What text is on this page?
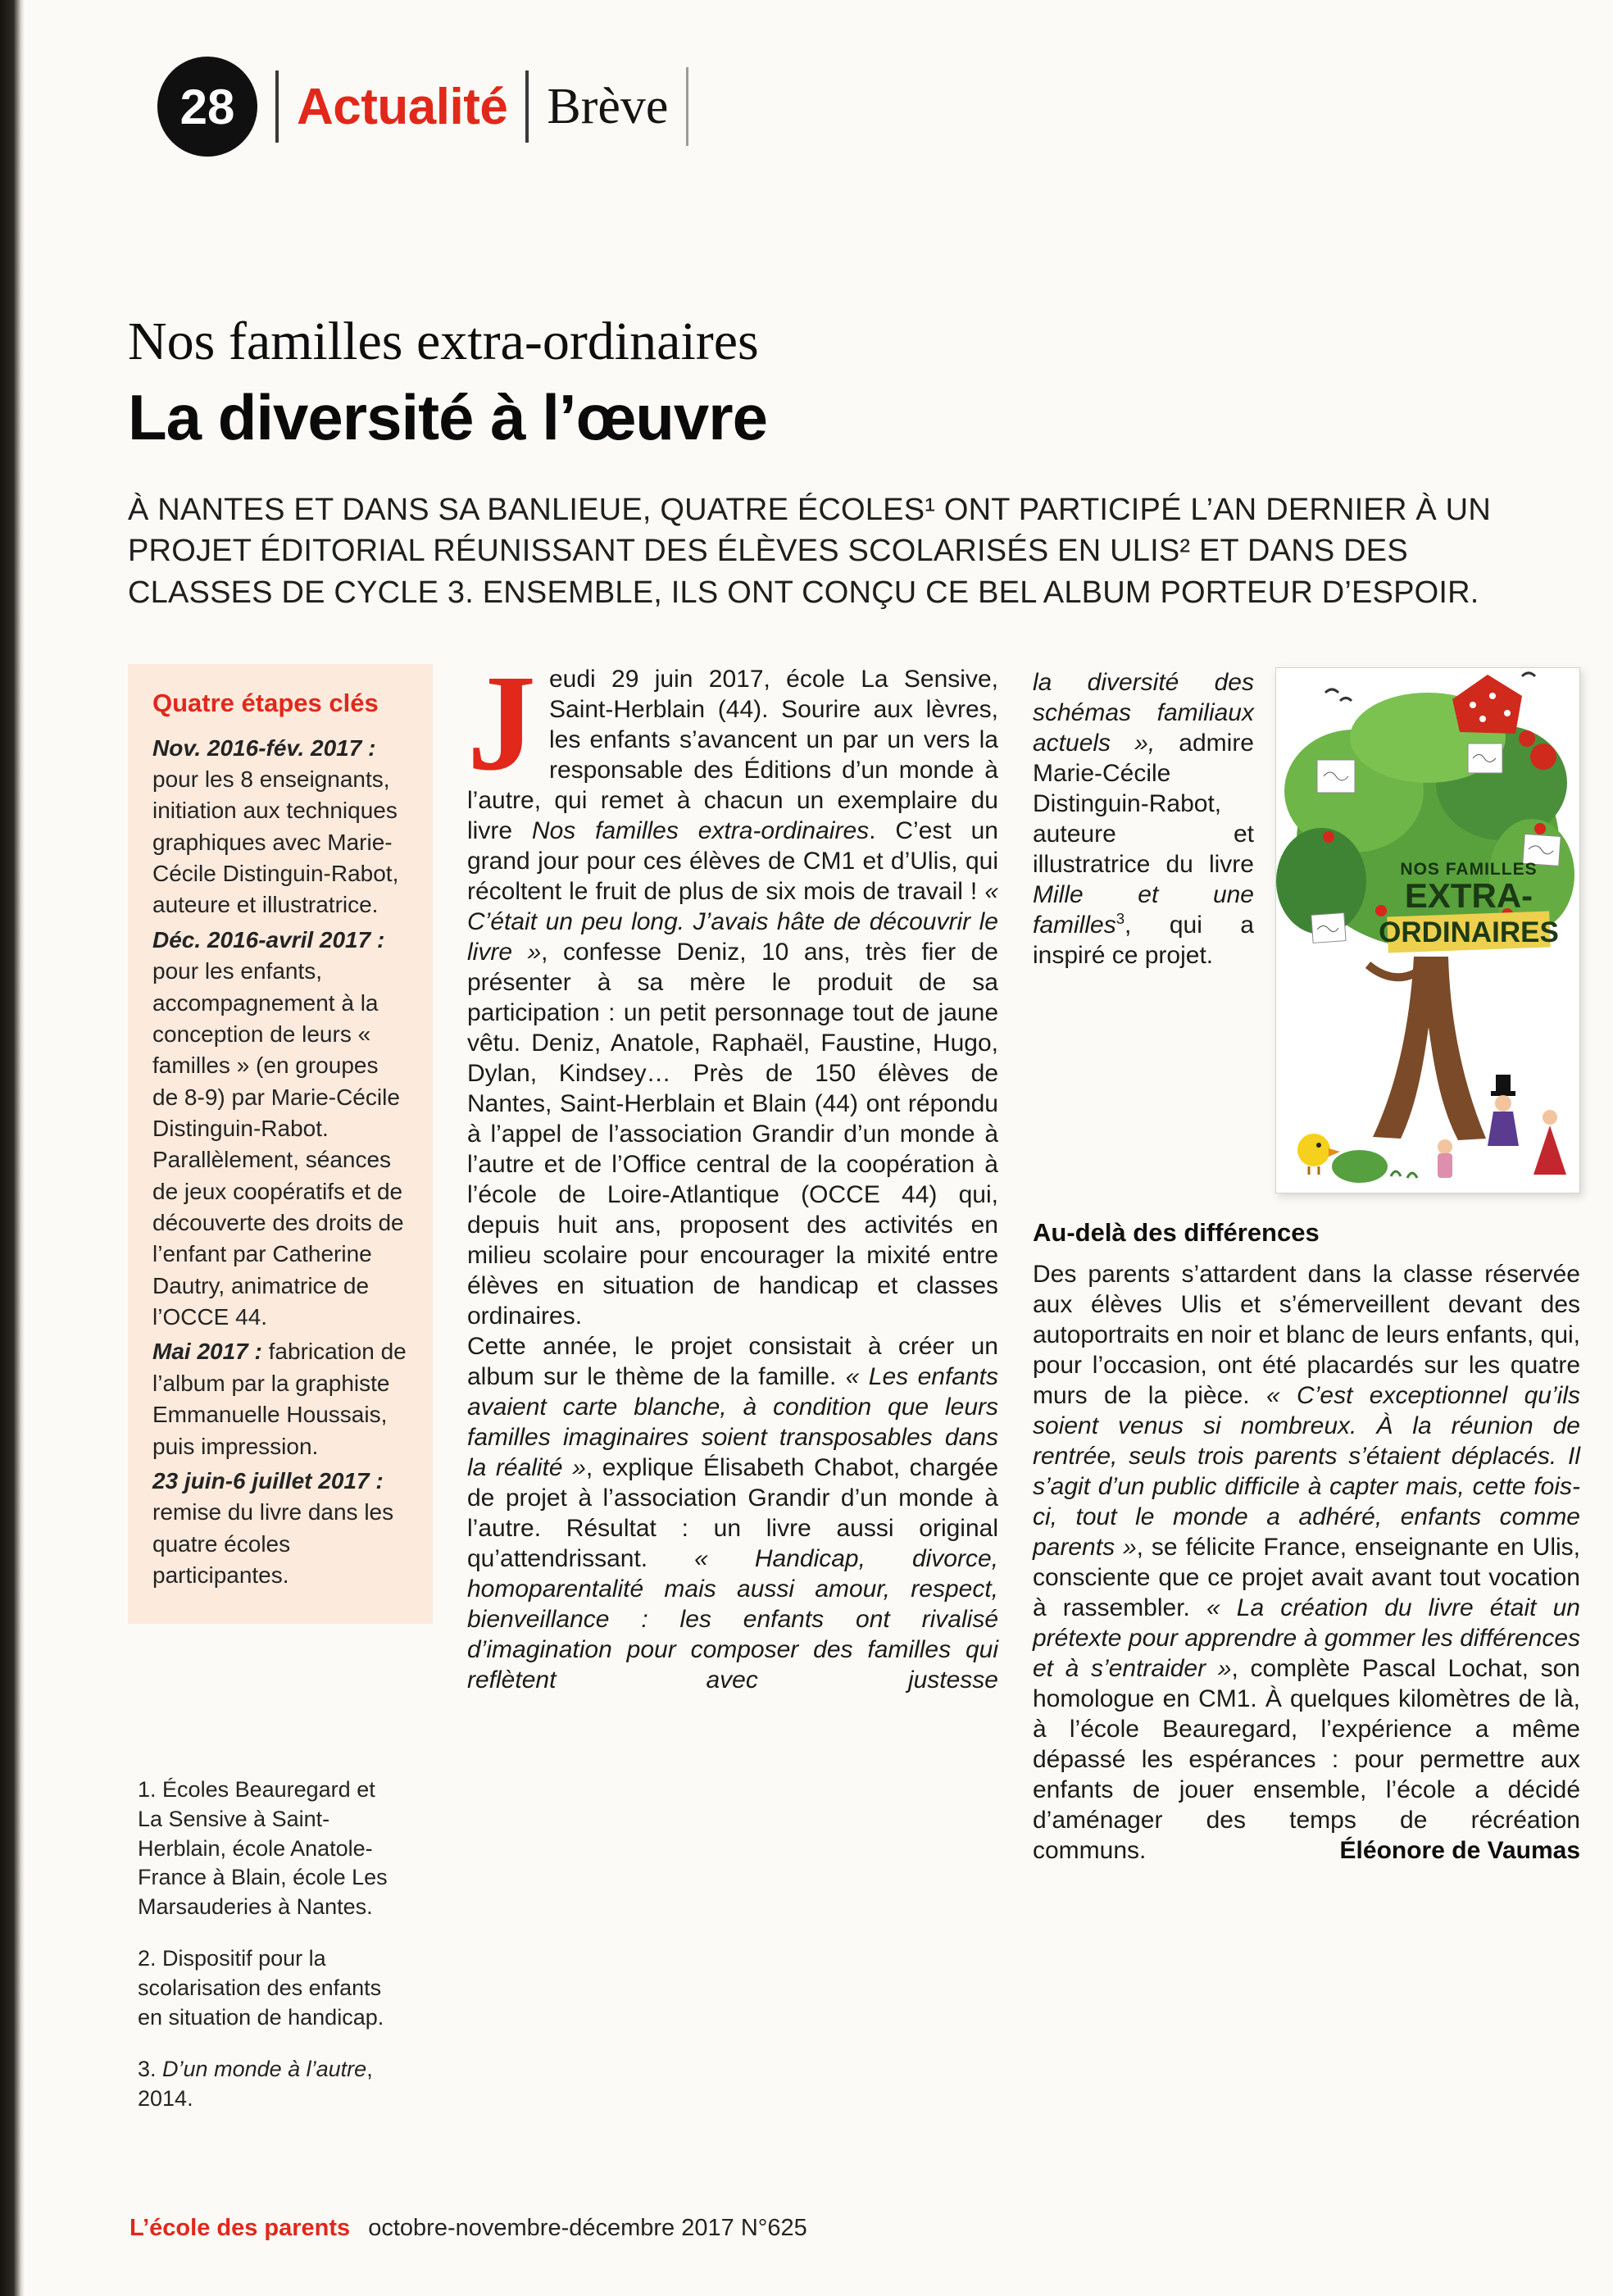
28 Actualité Brève
Nos familles extra-ordinaires
La diversité à l’œuvre

À NANTES ET DANS SA BANLIEUE, QUATRE ÉCOLES¹ ONT PARTICIPÉ L’AN DERNIER À UN PROJET ÉDITORIAL RÉUNISSANT DES ÉLÈVES SCOLARISÉS EN ULIS² ET DANS DES CLASSES DE CYCLE 3. ENSEMBLE, ILS ONT CONÇU CE BEL ALBUM PORTEUR D’ESPOIR.

Quatre étapes clés

Nov. 2016-fév. 2017 : pour les 8 enseignants, initiation aux techniques graphiques avec Marie-Cécile Distinguin-Rabot, auteure et illustratrice.

Déc. 2016-avril 2017 : pour les enfants, accompagnement à la conception de leurs « familles » (en groupes de 8-9) par Marie-Cécile Distinguin-Rabot. Parallèlement, séances de jeux coopératifs et de découverte des droits de l’enfant par Catherine Dautry, animatrice de l’OCCE 44.

Mai 2017 : fabrication de l’album par la graphiste Emmanuelle Houssais, puis impression.

23 juin-6 juillet 2017 : remise du livre dans les quatre écoles participantes.

1. Écoles Beauregard et La Sensive à Saint-Herblain, école Anatole-France à Blain, école Les Marsauderies à Nantes.

2. Dispositif pour la scolarisation des enfants en situation de handicap.

3. D’un monde à l’autre, 2014.

Jeudi 29 juin 2017, école La Sensive, Saint-Herblain (44). Sourire aux lèvres, les enfants s’avancent un par un vers la responsable des Éditions d’un monde à l’autre, qui remet à chacun un exemplaire du livre Nos familles extra-ordinaires. C’est un grand jour pour ces élèves de CM1 et d’Ulis, qui récoltent le fruit de plus de six mois de travail ! « C’était un peu long. J’avais hâte de découvrir le livre », confesse Deniz, 10 ans, très fier de présenter à sa mère le produit de sa participation : un petit personnage tout de jaune vêtu. Deniz, Anatole, Raphaël, Faustine, Hugo, Dylan, Kindsey… Près de 150 élèves de Nantes, Saint-Herblain et Blain (44) ont répondu à l’appel de l’association Grandir d’un monde à l’autre et de l’Office central de la coopération à l’école de Loire-Atlantique (OCCE 44) qui, depuis huit ans, proposent des activités en milieu scolaire pour encourager la mixité entre élèves en situation de handicap et classes ordinaires.

Cette année, le projet consistait à créer un album sur le thème de la famille. « Les enfants avaient carte blanche, à condition que leurs familles imaginaires soient transposables dans la réalité », explique Élisabeth Chabot, chargée de projet à l’association Grandir d’un monde à l’autre. Résultat : un livre aussi original qu’attendrissant. « Handicap, divorce, homoparentalité mais aussi amour, respect, bienveillance : les enfants ont rivalisé d’imagination pour composer des familles qui reflètent avec justesse

NOS FAMILLES
EXTRA-
ORDINAIRES

la diversité des schémas familiaux actuels », admire Marie-Cécile Distinguin-Rabot, auteure et illustratrice du livre Mille et une familles$^3$, qui a inspiré ce projet.

Au-delà des différences

Des parents s’attardent dans la classe réservée aux élèves Ulis et s’émerveillent devant des autoportraits en noir et blanc de leurs enfants, qui, pour l’occasion, ont été placardés sur les quatre murs de la pièce. « C’est exceptionnel qu’ils soient venus si nombreux. À la réunion de rentrée, seuls trois parents s’étaient déplacés. Il s’agit d’un public difficile à capter mais, cette fois-ci, tout le monde a adhéré, enfants comme parents », se félicite France, enseignante en Ulis, consciente que ce projet avait avant tout vocation à rassembler. « La création du livre était un prétexte pour apprendre à gommer les différences et à s’entraider », complète Pascal Lochat, son homologue en CM1. À quelques kilomètres de là, à l’école Beauregard, l’expérience a même dépassé les espérances : pour permettre aux enfants de jouer ensemble, l’école a décidé d’aménager des temps de récréation

communs.	Éléonore de Vaumas
L’école des parents octobre-novembre-décembre 2017 N°625
